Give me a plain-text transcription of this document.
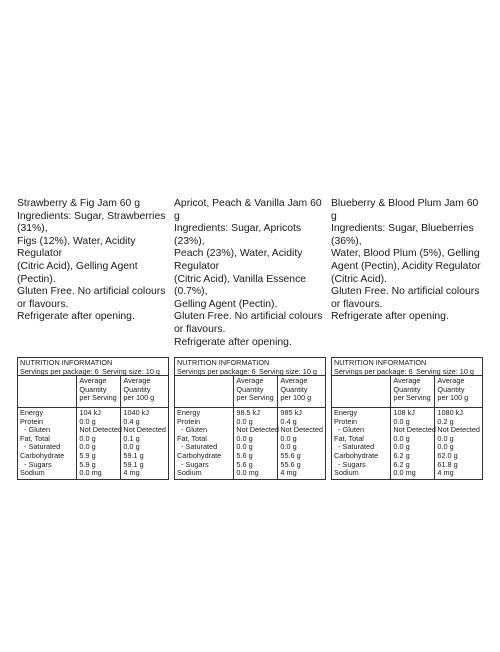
Strawberry & Fig Jam 60 g

Ingredients: Sugar, Strawberries (31%),
Figs (12%), Water, Acidity Regulator
(Citric Acid), Gelling Agent (Pectin).

Gluten Free. No artificial colours
or flavours.

Refrigerate after opening.

Apricot, Peach & Vanilla Jam 60 g

Ingredients: Sugar, Apricots (23%),
Peach (23%), Water, Acidity Regulator
(Citric Acid), Vanilla Essence (0.7%),
Gelling Agent (Pectin).

Gluten Free. No artificial colours
or flavours.

Refrigerate after opening.

Blueberry & Blood Plum Jam 60 g

Ingredients: Sugar, Blueberries (36%),
Water, Blood Plum (5%), Gelling
Agent (Pectin), Acidity Regulator
(Citric Acid).

Gluten Free. No artificial colours
or flavours.

Refrigerate after opening.

NUTRITION INFORMATION
Servings per package: 6 Serving size: 10 g
Energy
Protein
- Gluten
Fat, Total
- Saturated
Carbohydrate
- Sugars
Sodium
Average
Quantity
per Serving
104 kJ
0.0 g
Not Detected
0.0 g
0.0 g
5.9 g
5.9 g
0.0 mg
Average
Quantity
per 100 g
1040 kJ
0.4 g
Not Detected
0.1 g
0.0 g
59.1 g
59.1 g
4 mg
NUTRITION INFORMATION
Servings per package: 6 Serving size: 10 g
Energy
Protein
- Gluten
Fat, Total
- Saturated
Carbohydrate
- Sugars
Sodium
Average
Quantity
per Serving
98.5 kJ
0.0 g
Not Detected
0.0 g
0.0 g
5.6 g
5.6 g
0.0 mg
Average
Quantity
per 100 g
985 kJ
0.4 g
Not Detected
0.0 g
0.0 g
55.6 g
55.6 g
4 mg
NUTRITION INFORMATION
Servings per package: 6 Serving size: 10 g
Energy
Protein
- Gluten
Fat, Total
- Saturated
Carbohydrate
- Sugars
Sodium
Average
Quantity
per Serving
108 kJ
0.0 g
Not Detected
0.0 g
0.0 g
6.2 g
6.2 g
0.0 mg
Average
Quantity
per 100 g
1080 kJ
0.2 g
Not Detected
0.0 g
0.0 g
62.0 g
61.8 g
4 mg
